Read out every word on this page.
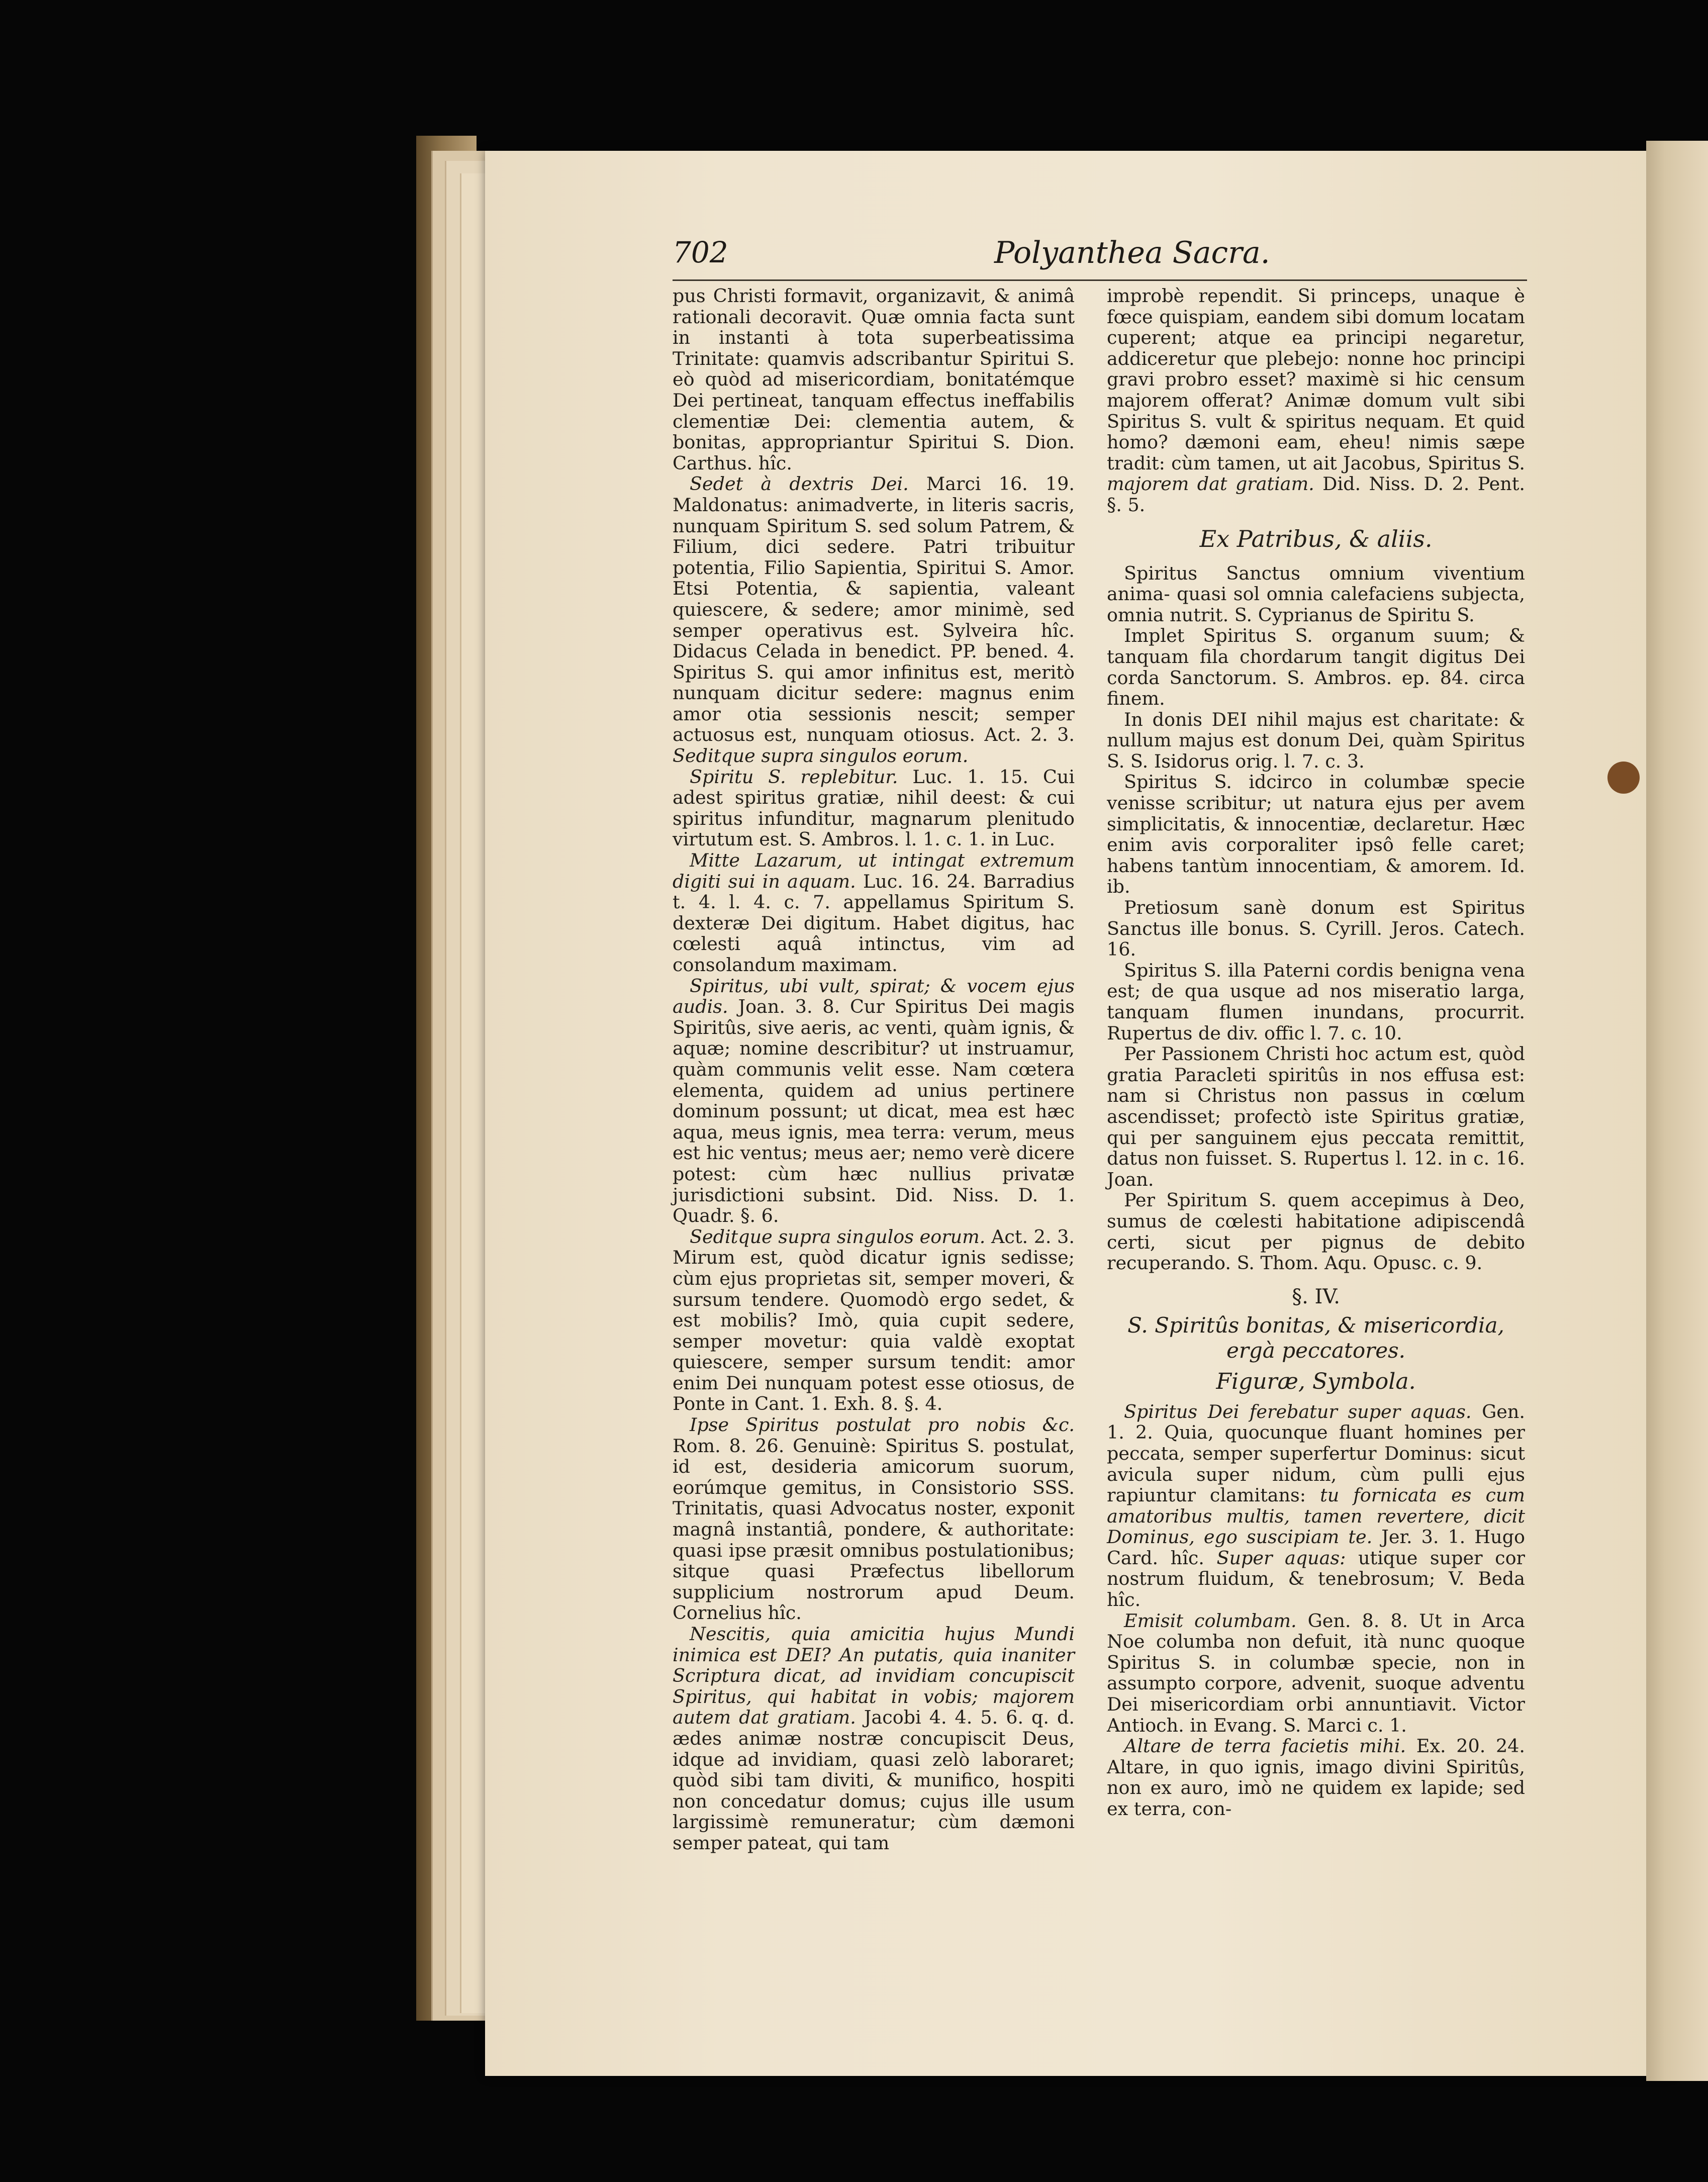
702	Polyanthea Sacra.

pus Christi formavit, organizavit, & animâ rationali decoravit. Quæ omnia facta sunt in instanti à tota superbeatissima Trinitate: quamvis adscribantur Spiritui S. eò quòd ad misericordiam, bonitatémque Dei pertineat, tanquam effectus ineffabilis clementiæ Dei: clementia autem, & bonitas, appropriantur Spiritui S. Dion. Carthus. hîc.

Sedet à dextris Dei. Marci 16. 19. Maldonatus: animadverte, in literis sacris, nunquam Spiritum S. sed solum Patrem, & Filium, dici sedere. Patri tribuitur potentia, Filio Sapientia, Spiritui S. Amor. Etsi Potentia, & sapientia, valeant quiescere, & sedere; amor minimè, sed semper operativus est. Sylveira hîc. Didacus Celada in benedict. PP. bened. 4. Spiritus S. qui amor infinitus est, meritò nunquam dicitur sedere: magnus enim amor otia sessionis nescit; semper actuosus est, nunquam otiosus. Act. 2. 3. Seditque supra singulos eorum.

Spiritu S. replebitur. Luc. 1. 15. Cui adest spiritus gratiæ, nihil deest: & cui spiritus infunditur, magnarum plenitudo virtutum est. S. Ambros. l. 1. c. 1. in Luc.

Mitte Lazarum, ut intingat extremum digiti sui in aquam. Luc. 16. 24. Barradius t. 4. l. 4. c. 7. appellamus Spiritum S. dexteræ Dei digitum. Habet digitus, hac cœlesti aquâ intinctus, vim ad consolandum maximam.

Spiritus, ubi vult, spirat; & vocem ejus audis. Joan. 3. 8. Cur Spiritus Dei magis Spiritûs, sive aeris, ac venti, quàm ignis, & aquæ; nomine describitur? ut instruamur, quàm communis velit esse. Nam cœtera elementa, quidem ad unius pertinere dominum possunt; ut dicat, mea est hæc aqua, meus ignis, mea terra: verum, meus est hic ventus; meus aer; nemo verè dicere potest: cùm hæc nullius privatæ jurisdictioni subsint. Did. Niss. D. 1. Quadr. §. 6.

Seditque supra singulos eorum. Act. 2. 3. Mirum est, quòd dicatur ignis sedisse; cùm ejus proprietas sit, semper moveri, & sursum tendere. Quomodò ergo sedet, & est mobilis? Imò, quia cupit sedere, semper movetur: quia valdè exoptat quiescere, semper sursum tendit: amor enim Dei nunquam potest esse otiosus, de Ponte in Cant. 1. Exh. 8. §. 4.

Ipse Spiritus postulat pro nobis &c. Rom. 8. 26. Genuinè: Spiritus S. postulat, id est, desideria amicorum suorum, eorúmque gemitus, in Consistorio SSS. Trinitatis, quasi Advocatus noster, exponit magnâ instantiâ, pondere, & authoritate: quasi ipse præsit omnibus postulationibus; sitque quasi Præfectus libellorum supplicium nostrorum apud Deum. Cornelius hîc.

Nescitis, quia amicitia hujus Mundi inimica est DEI? An putatis, quia inaniter Scriptura dicat, ad invidiam concupiscit Spiritus, qui habitat in vobis; majorem autem dat gratiam. Jacobi 4. 4. 5. 6. q. d. ædes animæ nostræ concupiscit Deus, idque ad invidiam, quasi zelò laboraret; quòd sibi tam diviti, & munifico, hospiti non concedatur domus; cujus ille usum largissimè remuneratur; cùm dæmoni semper pateat, qui tam

improbè rependit. Si princeps, unaque è fœce quispiam, eandem sibi domum locatam cuperent; atque ea principi negaretur, addiceretur que plebejo: nonne hoc principi gravi probro esset? maximè si hic censum majorem offerat? Animæ domum vult sibi Spiritus S. vult & spiritus nequam. Et quid homo? dæmoni eam, eheu! nimis sæpe tradit: cùm tamen, ut ait Jacobus, Spiritus S. majorem dat gratiam. Did. Niss. D. 2. Pent. §. 5.

Ex Patribus, & aliis.

Spiritus Sanctus omnium viventium anima- quasi sol omnia calefaciens subjecta, omnia nutrit. S. Cyprianus de Spiritu S.

Implet Spiritus S. organum suum; & tanquam fila chordarum tangit digitus Dei corda Sanctorum. S. Ambros. ep. 84. circa finem.

In donis DEI nihil majus est charitate: & nullum majus est donum Dei, quàm Spiritus S. S. Isidorus orig. l. 7. c. 3.

Spiritus S. idcirco in columbæ specie venisse scribitur; ut natura ejus per avem simplicitatis, & innocentiæ, declaretur. Hæc enim avis corporaliter ipsô felle caret; habens tantùm innocentiam, & amorem. Id. ib.

Pretiosum sanè donum est Spiritus Sanctus ille bonus. S. Cyrill. Jeros. Catech. 16.

Spiritus S. illa Paterni cordis benigna vena est; de qua usque ad nos miseratio larga, tanquam flumen inundans, procurrit. Rupertus de div. offic l. 7. c. 10.

Per Passionem Christi hoc actum est, quòd gratia Paracleti spiritûs in nos effusa est: nam si Christus non passus in cœlum ascendisset; profectò iste Spiritus gratiæ, qui per sanguinem ejus peccata remittit, datus non fuisset. S. Rupertus l. 12. in c. 16. Joan.

Per Spiritum S. quem accepimus à Deo, sumus de cœlesti habitatione adipiscendâ certi, sicut per pignus de debito recuperando. S. Thom. Aqu. Opusc. c. 9.

§. IV.

S. Spiritûs bonitas, & misericordia, ergà peccatores.

Figuræ, Symbola.

Spiritus Dei ferebatur super aquas. Gen. 1. 2. Quia, quocunque fluant homines per peccata, semper superfertur Dominus: sicut avicula super nidum, cùm pulli ejus rapiuntur clamitans: tu fornicata es cum amatoribus multis, tamen revertere, dicit Dominus, ego suscipiam te. Jer. 3. 1. Hugo Card. hîc. Super aquas: utique super cor nostrum fluidum, & tenebrosum; V. Beda hîc.

Emisit columbam. Gen. 8. 8. Ut in Arca Noe columba non defuit, ità nunc quoque Spiritus S. in columbæ specie, non in assumpto corpore, advenit, suoque adventu Dei misericordiam orbi annuntiavit. Victor Antioch. in Evang. S. Marci c. 1.

Altare de terra facietis mihi. Ex. 20. 24. Altare, in quo ignis, imago divini Spiritûs, non ex auro, imò ne quidem ex lapide; sed ex terra, con-
